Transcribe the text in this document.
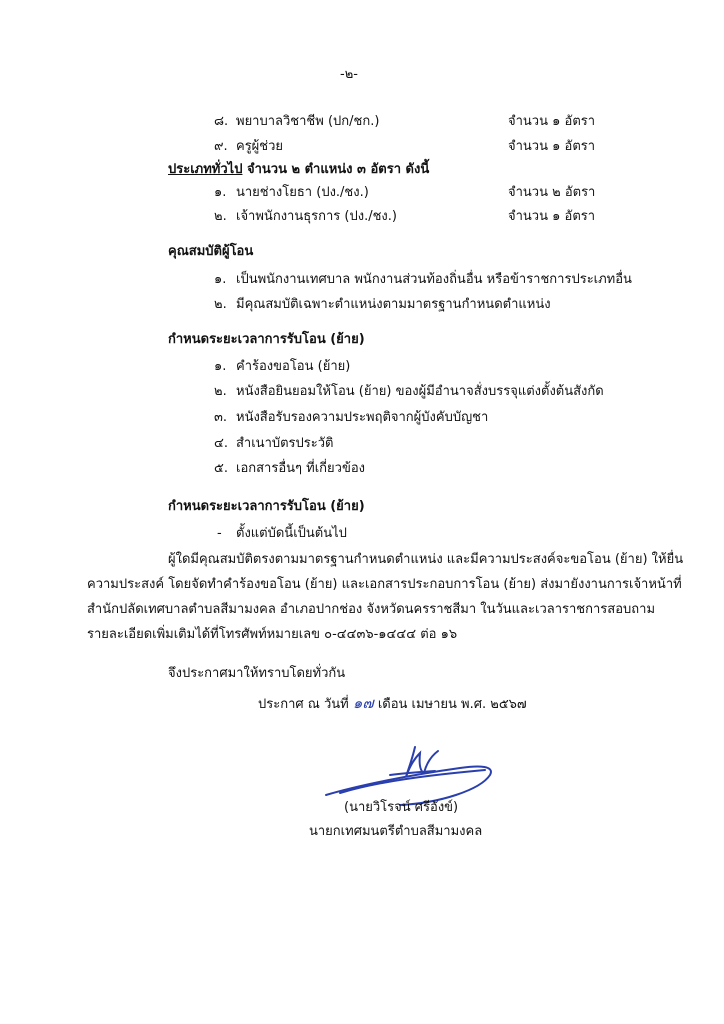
-๒-
๘. พยาบาลวิชาชีพ (ปก/ชก.)	จำนวน ๑ อัตรา
๙. ครูผู้ช่วย	จำนวน ๑ อัตรา
ประเภททั่วไป จำนวน ๒ ตำแหน่ง ๓ อัตรา ดังนี้
๑. นายช่างโยธา (ปง./ชง.)	จำนวน ๒ อัตรา
๒. เจ้าพนักงานธุรการ (ปง./ชง.)	จำนวน ๑ อัตรา
คุณสมบัติผู้โอน
๑. เป็นพนักงานเทศบาล พนักงานส่วนท้องถิ่นอื่น หรือข้าราชการประเภทอื่น
๒. มีคุณสมบัติเฉพาะตำแหน่งตามมาตรฐานกำหนดตำแหน่ง
กำหนดระยะเวลาการรับโอน (ย้าย)
๑. คำร้องขอโอน (ย้าย)
๒. หนังสือยินยอมให้โอน (ย้าย) ของผู้มีอำนาจสั่งบรรจุแต่งตั้งต้นสังกัด
๓. หนังสือรับรองความประพฤติจากผู้บังคับบัญชา
๔. สำเนาบัตรประวัติ
๕. เอกสารอื่นๆ ที่เกี่ยวข้อง
กำหนดระยะเวลาการรับโอน (ย้าย)
- ตั้งแต่บัดนี้เป็นต้นไป
ผู้ใดมีคุณสมบัติตรงตามมาตรฐานกำหนดตำแหน่ง และมีความประสงค์จะขอโอน (ย้าย) ให้ยื่น
ความประสงค์ โดยจัดทำคำร้องขอโอน (ย้าย) และเอกสารประกอบการโอน (ย้าย) ส่งมายังงานการเจ้าหน้าที่
สำนักปลัดเทศบาลตำบลสีมามงคล อำเภอปากช่อง จังหวัดนครราชสีมา ในวันและเวลาราชการสอบถาม
รายละเอียดเพิ่มเติมได้ที่โทรศัพท์หมายเลข ๐-๔๔๓๖-๑๔๔๔ ต่อ ๑๖
จึงประกาศมาให้ทราบโดยทั่วกัน
ประกาศ ณ วันที่ ๑๗ เดือน เมษายน พ.ศ. ๒๕๖๗
(นายวิโรจน์ ศรีอังข์)
นายกเทศมนตรีตำบลสีมามงคล
